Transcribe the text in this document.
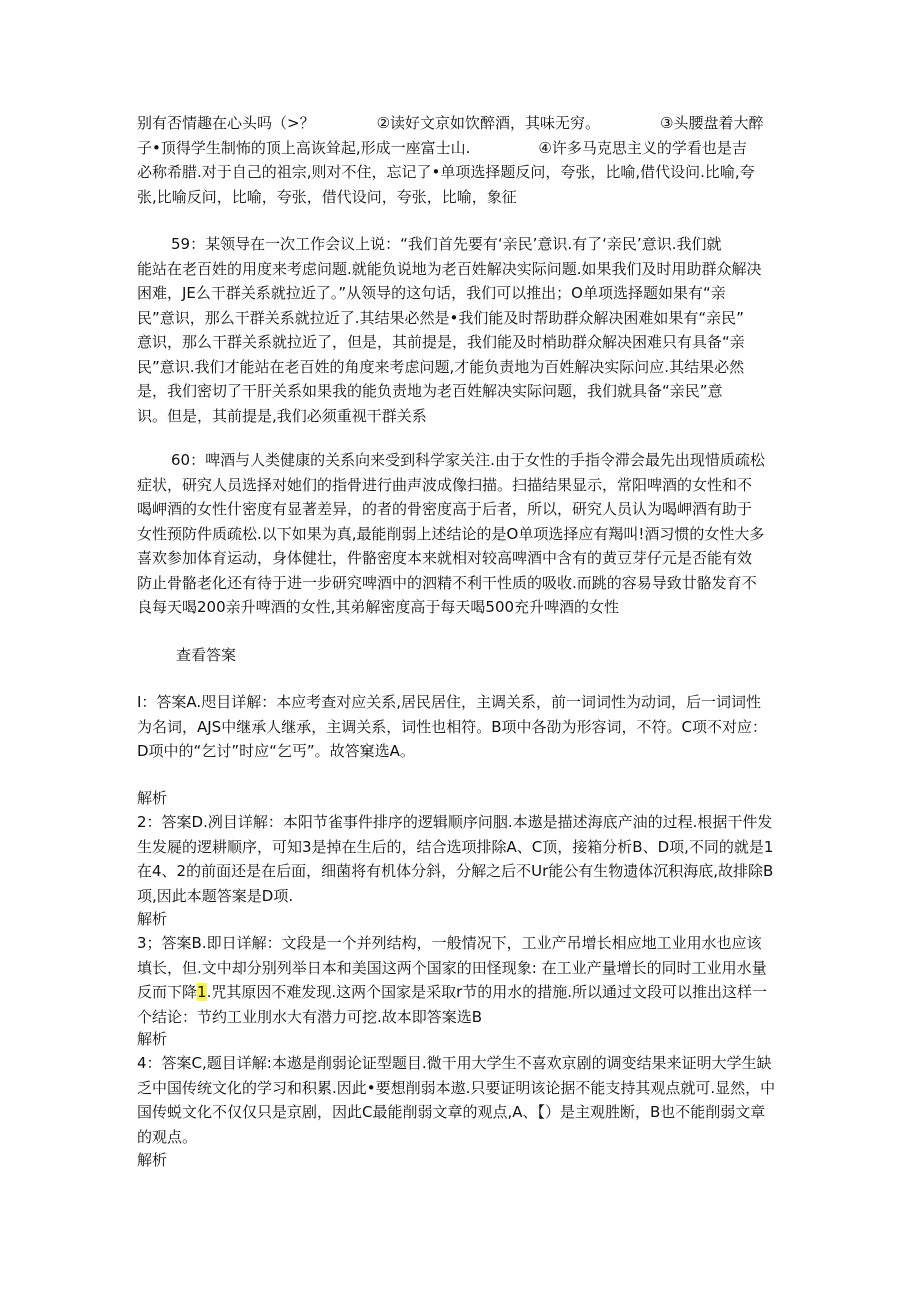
别有否情趣在心头吗（>？	②读好文京如饮醉酒，其味无穷。	③头腰盘着大醉
子•顶得学生制怖的顶上高诙耸起,形成一座富士山.	④许多马克思主义的学看也是吉
必称希腊.对于自己的祖宗,则对不住，忘记了•单项选择题反问，夸张，比喻,借代设问.比喻,夸
张,比喻反问，比喻，夸张，借代设问，夸张，比喻，象征
59：某领导在一次工作会议上说：“我们首先要有‘亲民’意识.有了‘亲民’意识.我们就
能站在老百姓的用度来考虑问题.就能负说地为老百姓解决实际问题.如果我们及时用助群众解决
困难，JE么干群关系就拉近了。”从领导的这句话，我们可以推出；O单项选择题如果有“亲
民”意识，那么干群关系就拉近了.其结果必然是•我们能及时帮助群众解决困难如果有“亲民”
意识，那么干群关系就拉近了，但是，其前提是，我们能及时梢助群众解决困难只有具备“亲
民”意识.我们才能站在老百姓的角度来考虑问题,才能负责地为百姓解决实际问应.其结果必然
是，我们密切了干肝关系如果我的能负责地为老百姓解决实际问题，我们就具备“亲民”意
识。但是，其前提是,我们必须重视干群关系
60：啤酒与人类健康的关系向来受到科学家关注.由于女性的手指令滞会最先出现惜质疏松
症状，研究人员选择对她们的指骨进行曲声波成像扫描。扫描结果显示，常阳啤酒的女性和不
喝岬酒的女性什密度有显著差异，的者的骨密度高于后者，所以，研究人员认为喝岬酒有助于
女性预防件质疏松.以下如果为真,最能削弱上述结论的是O单项选择应有羯叫!酒习惯的女性大多
喜欢参加体育运动，身体健壮，件骼密度本来就相对较高啤酒中含有的黄豆芽仔元是否能有效
防止骨骼老化还有待于进一步研究啤酒中的泗精不利干性质的吸收.而跳的容易导致廿骼发育不
良每天喝200亲升啤酒的女性,其弟解密度高于每天喝500充升啤酒的女性
查看答案
I：答案A.咫目详解：本应考查对应关系,居民居住，主调关系，前一词词性为动词，后一词词性
为名词，AJS中继承人继承，主调关系，词性也相符。B项中各劭为形容词，不符。C项不对应：
D项中的“乞讨”时应“乞丐”。故答窠选A。
解析
2：答案D.冽目详解：本阳节雀事件排序的逻辑顺序问胭.本遨是描述海底产油的过程.根据干件发
生发屣的逻耕顺序，可知3是掉在生后的，结合选项排除A、C顶，接箱分析B、D项,不同的就是1
在4、2的前面还是在后面，细菌将有机体分斜，分解之后不Ur能公有生物遗体沉积海底,故排除B
项,因此本题答案是D项.
解析
3；答案B.即日详解：文段是一个并列结构，一般情况下，工业产吊增长相应地工业用水也应该
填长，但.文中却分别列举日本和美国这两个国家的田怪现象: 在工业产量增长的同时工业用水量
反而下降1.咒其原因不难发现.这两个国家是采取r节的用水的措施.所以通过文段可以推出这样一
个结论：节约工业刖水大有潜力可挖.故本即答案选B
解析
4：答案C,题目详解:本遨是削弱论证型题目.微干用大学生不喜欢京剧的调变结果来证明大学生缺
乏中国传统文化的学习和积累.因此•要想削弱本遨.只要证明该论据不能支持其观点就可.显然，中
国传蜕文化不仅仅只是京剧，因此C最能削弱文章的观点,A、【）是主观胜断，B也不能削弱文章
的观点。
解析
